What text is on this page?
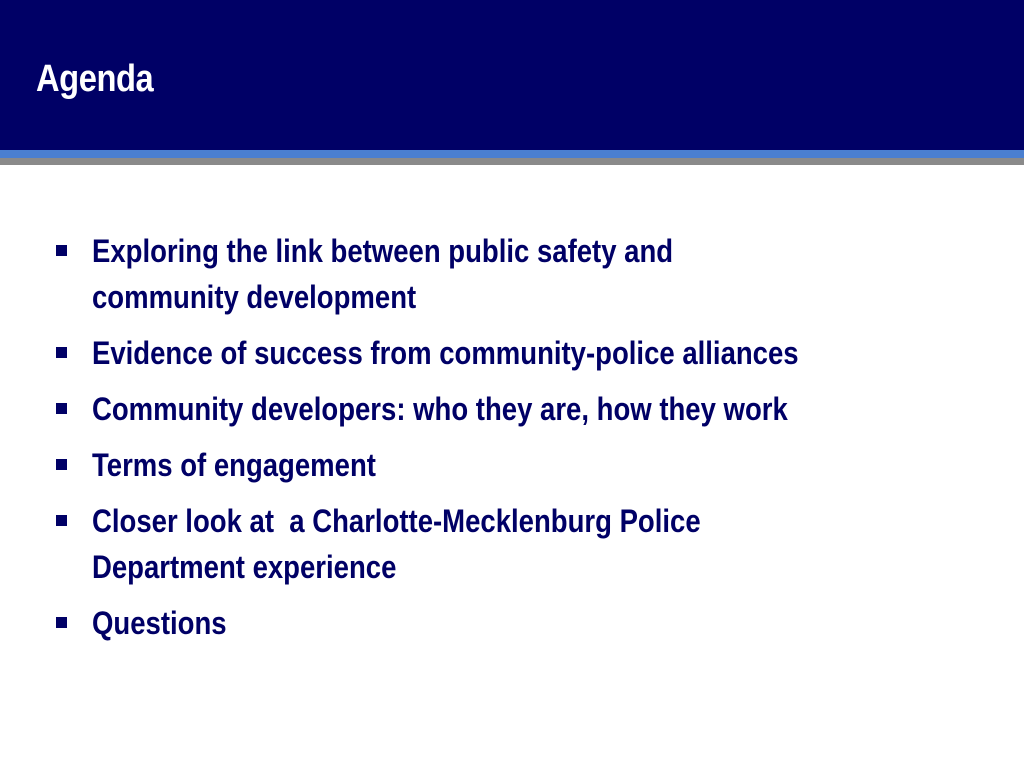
Agenda
Exploring the link between public safety and community development
Evidence of success from community-police alliances
Community developers: who they are, how they work
Terms of engagement
Closer look at  a Charlotte-Mecklenburg Police Department experience
Questions
